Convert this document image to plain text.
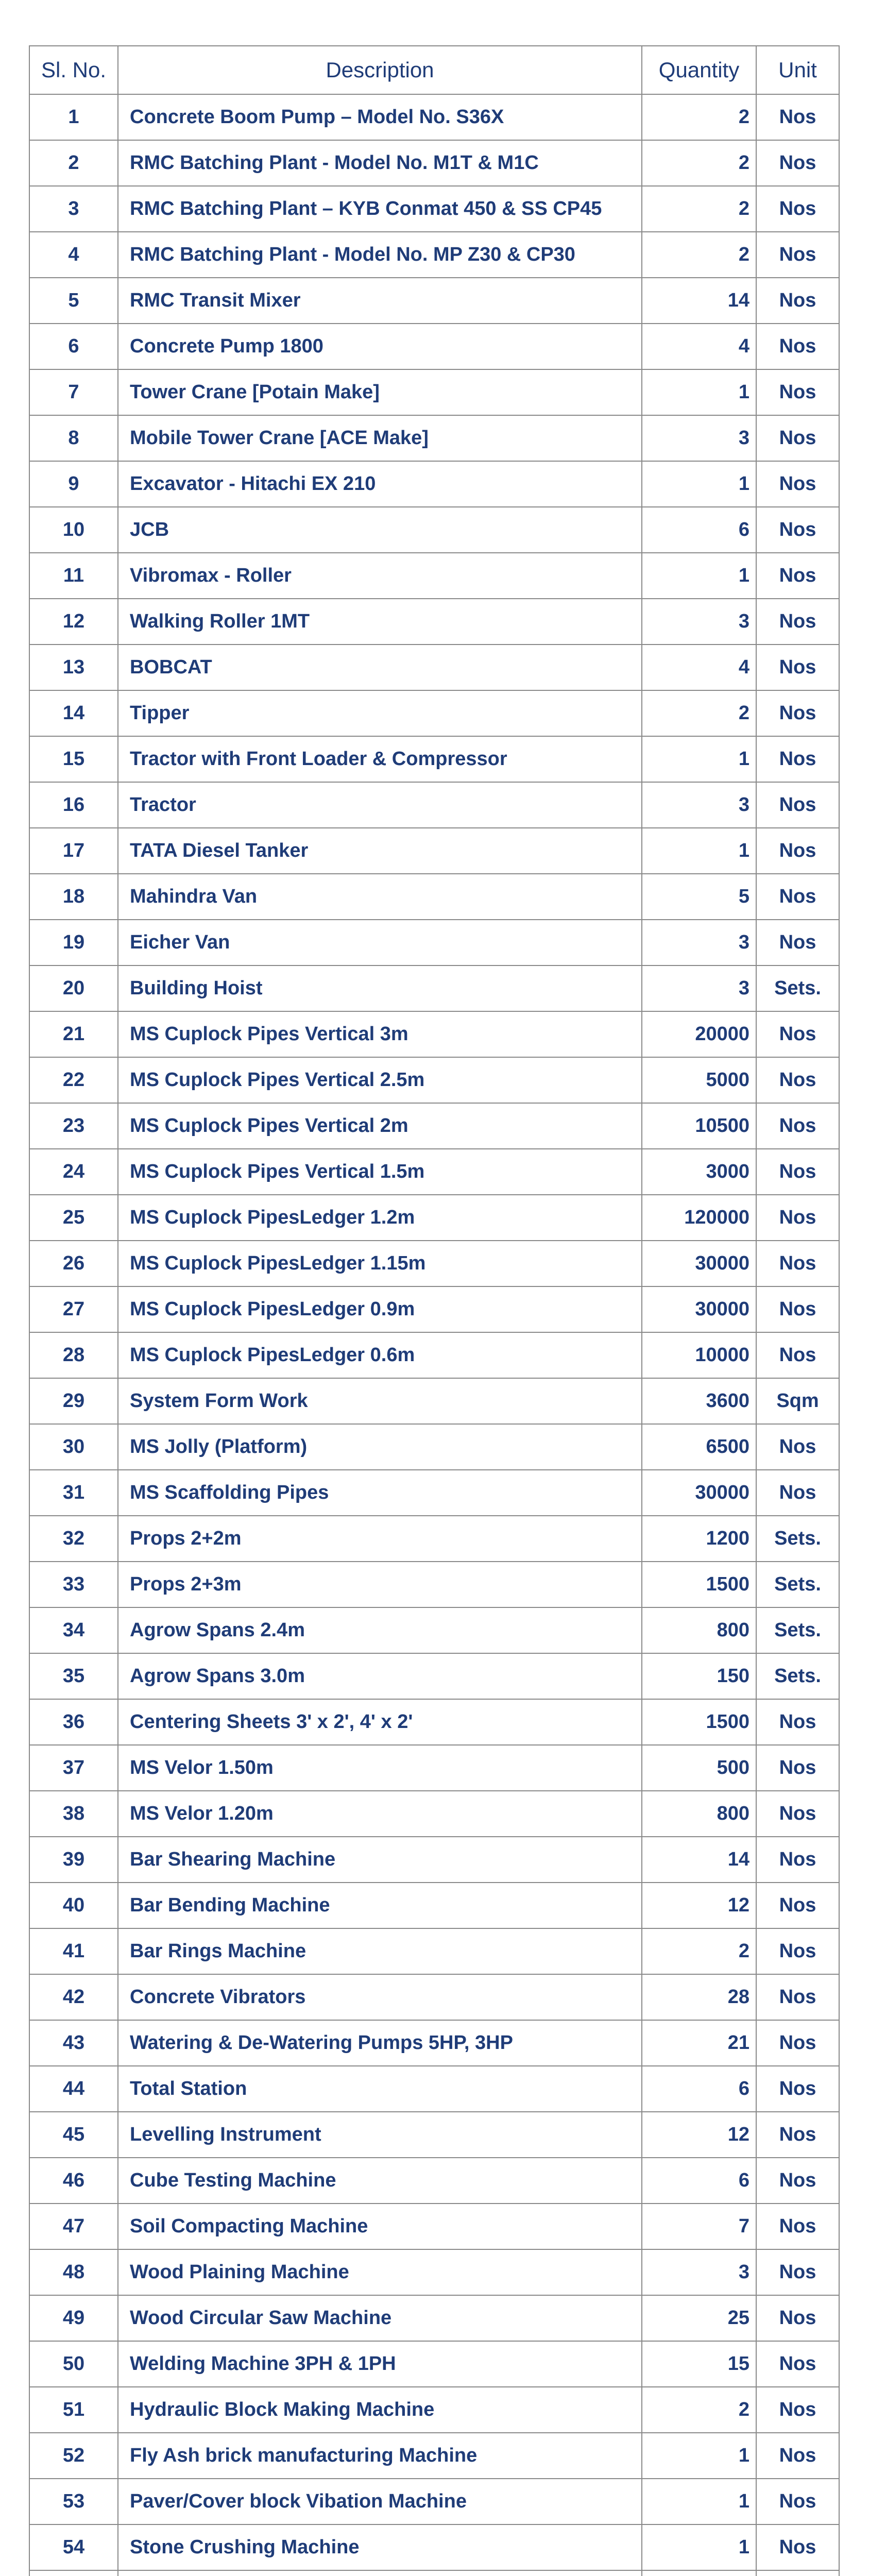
Sl. No.	Description	Quantity	Unit
1	Concrete Boom Pump – Model No. S36X	2	Nos
2	RMC Batching Plant - Model No. M1T & M1C	2	Nos
3	RMC Batching Plant – KYB Conmat 450 & SS CP45	2	Nos
4	RMC Batching Plant - Model No. MP Z30 & CP30	2	Nos
5	RMC Transit Mixer	14	Nos
6	Concrete Pump 1800	4	Nos
7	Tower Crane [Potain Make]	1	Nos
8	Mobile Tower Crane [ACE Make]	3	Nos
9	Excavator - Hitachi EX 210	1	Nos
10	JCB	6	Nos
11	Vibromax - Roller	1	Nos
12	Walking Roller 1MT	3	Nos
13	BOBCAT	4	Nos
14	Tipper	2	Nos
15	Tractor with Front Loader & Compressor	1	Nos
16	Tractor	3	Nos
17	TATA Diesel Tanker	1	Nos
18	Mahindra Van	5	Nos
19	Eicher Van	3	Nos
20	Building Hoist	3	Sets.
21	MS Cuplock Pipes Vertical 3m	20000	Nos
22	MS Cuplock Pipes Vertical 2.5m	5000	Nos
23	MS Cuplock Pipes Vertical 2m	10500	Nos
24	MS Cuplock Pipes Vertical 1.5m	3000	Nos
25	MS Cuplock PipesLedger 1.2m	120000	Nos
26	MS Cuplock PipesLedger 1.15m	30000	Nos
27	MS Cuplock PipesLedger 0.9m	30000	Nos
28	MS Cuplock PipesLedger 0.6m	10000	Nos
29	System Form Work	3600	Sqm
30	MS Jolly (Platform)	6500	Nos
31	MS Scaffolding Pipes	30000	Nos
32	Props 2+2m	1200	Sets.
33	Props 2+3m	1500	Sets.
34	Agrow Spans 2.4m	800	Sets.
35	Agrow Spans 3.0m	150	Sets.
36	Centering Sheets 3' x 2', 4' x 2'	1500	Nos
37	MS Velor 1.50m	500	Nos
38	MS Velor 1.20m	800	Nos
39	Bar Shearing Machine	14	Nos
40	Bar Bending Machine	12	Nos
41	Bar Rings Machine	2	Nos
42	Concrete Vibrators	28	Nos
43	Watering & De-Watering Pumps 5HP, 3HP	21	Nos
44	Total Station	6	Nos
45	Levelling Instrument	12	Nos
46	Cube Testing Machine	6	Nos
47	Soil Compacting Machine	7	Nos
48	Wood Plaining Machine	3	Nos
49	Wood Circular Saw Machine	25	Nos
50	Welding Machine 3PH & 1PH	15	Nos
51	Hydraulic Block Making Machine	2	Nos
52	Fly Ash brick manufacturing Machine	1	Nos
53	Paver/Cover block Vibation Machine	1	Nos
54	Stone Crushing Machine	1	Nos
